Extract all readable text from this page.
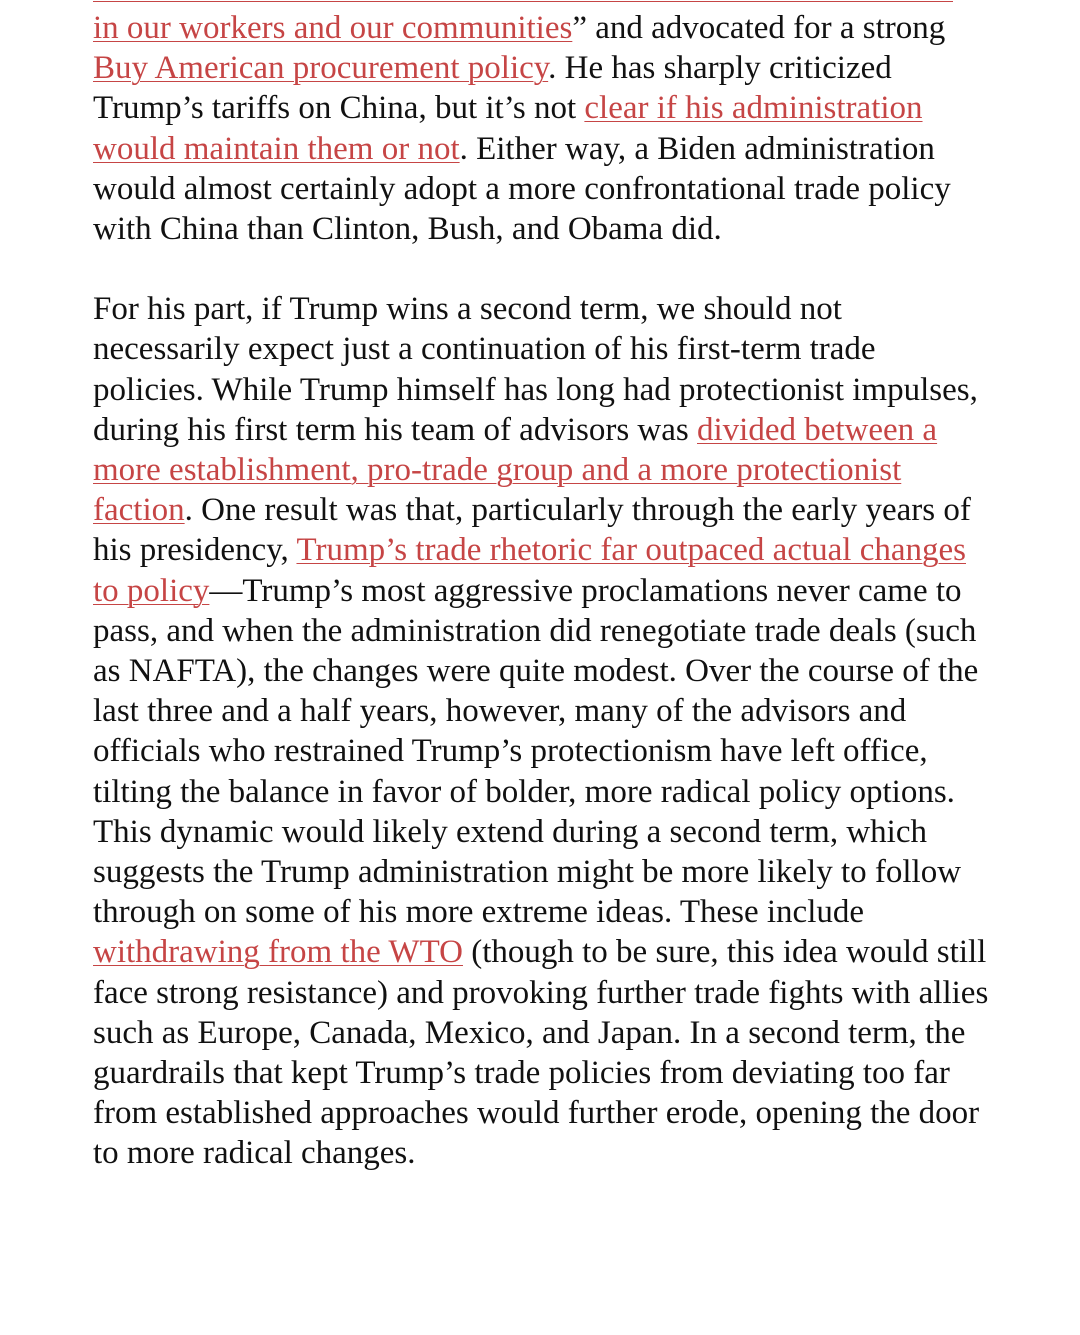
in our workers and our communities” and advocated for a strong Buy American procurement policy. He has sharply criticized Trump’s tariffs on China, but it’s not clear if his administration would maintain them or not. Either way, a Biden administration would almost certainly adopt a more confrontational trade policy with China than Clinton, Bush, and Obama did.

For his part, if Trump wins a second term, we should not necessarily expect just a continuation of his first-term trade policies. While Trump himself has long had protectionist impulses, during his first term his team of advisors was divided between a more establishment, pro-trade group and a more protectionist faction. One result was that, particularly through the early years of his presidency, Trump’s trade rhetoric far outpaced actual changes to policy—Trump’s most aggressive proclamations never came to pass, and when the administration did renegotiate trade deals (such as NAFTA), the changes were quite modest. Over the course of the last three and a half years, however, many of the advisors and officials who restrained Trump’s protectionism have left office, tilting the balance in favor of bolder, more radical policy options. This dynamic would likely extend during a second term, which suggests the Trump administration might be more likely to follow through on some of his more extreme ideas. These include withdrawing from the WTO (though to be sure, this idea would still face strong resistance) and provoking further trade fights with allies such as Europe, Canada, Mexico, and Japan. In a second term, the guardrails that kept Trump’s trade policies from deviating too far from established approaches would further erode, opening the door to more radical changes.
